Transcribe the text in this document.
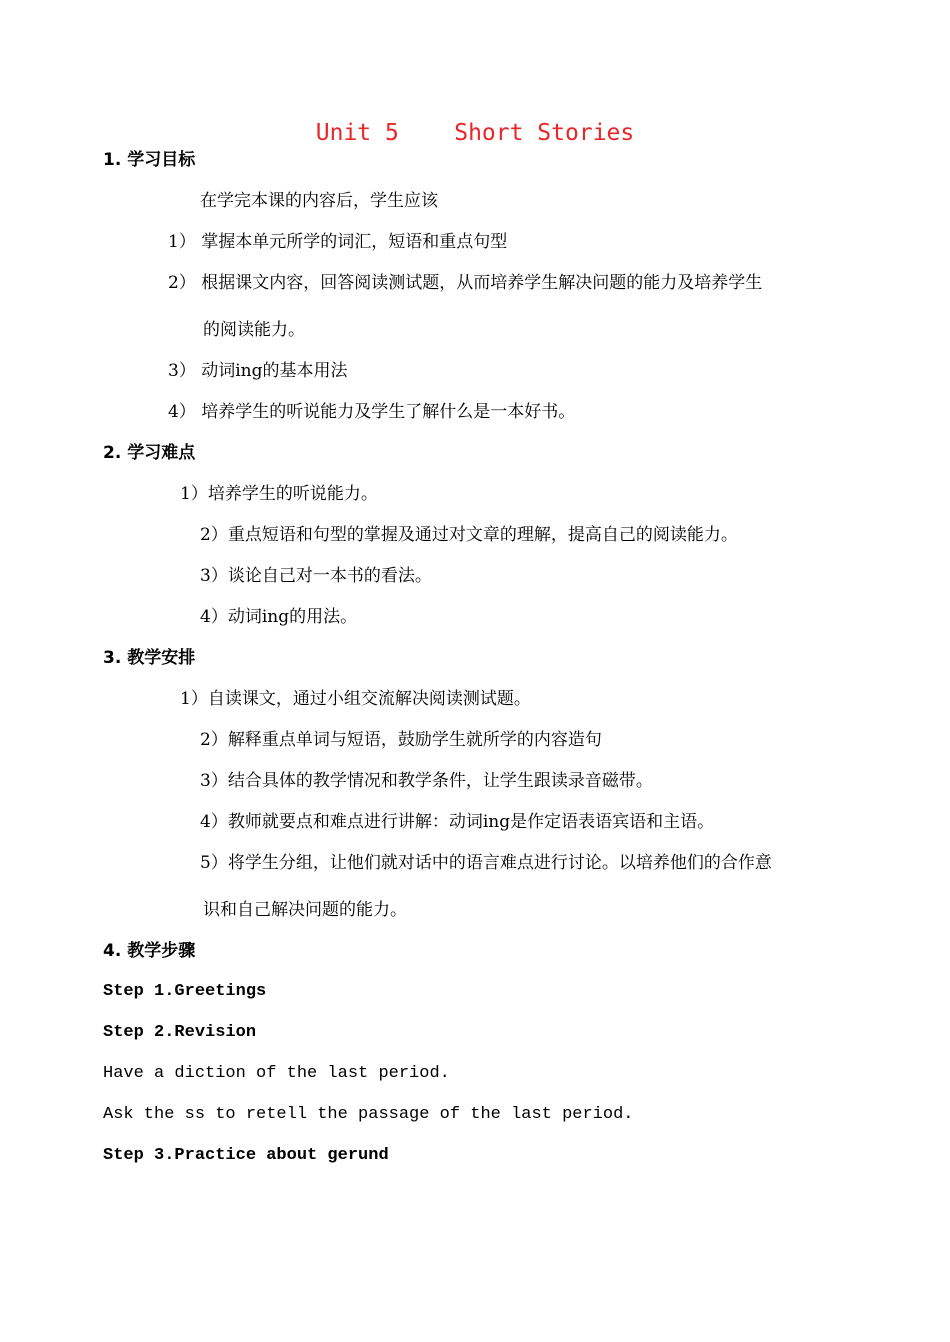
Unit 5    Short Stories
1. 学习目标
在学完本课的内容后，学生应该
1） 掌握本单元所学的词汇，短语和重点句型
2） 根据课文内容，回答阅读测试题，从而培养学生解决问题的能力及培养学生
的阅读能力。
3） 动词ing的基本用法
4） 培养学生的听说能力及学生了解什么是一本好书。
2. 学习难点
1）培养学生的听说能力。
2）重点短语和句型的掌握及通过对文章的理解，提高自己的阅读能力。
3）谈论自己对一本书的看法。
4）动词ing的用法。
3. 教学安排
1）自读课文，通过小组交流解决阅读测试题。
2）解释重点单词与短语，鼓励学生就所学的内容造句
3）结合具体的教学情况和教学条件，让学生跟读录音磁带。
4）教师就要点和难点进行讲解：动词ing是作定语表语宾语和主语。
5）将学生分组，让他们就对话中的语言难点进行讨论。以培养他们的合作意
识和自己解决问题的能力。
4. 教学步骤
Step 1.Greetings
Step 2.Revision
Have a diction of the last period.
Ask the ss to retell the passage of the last period.
Step 3.Practice about gerund
